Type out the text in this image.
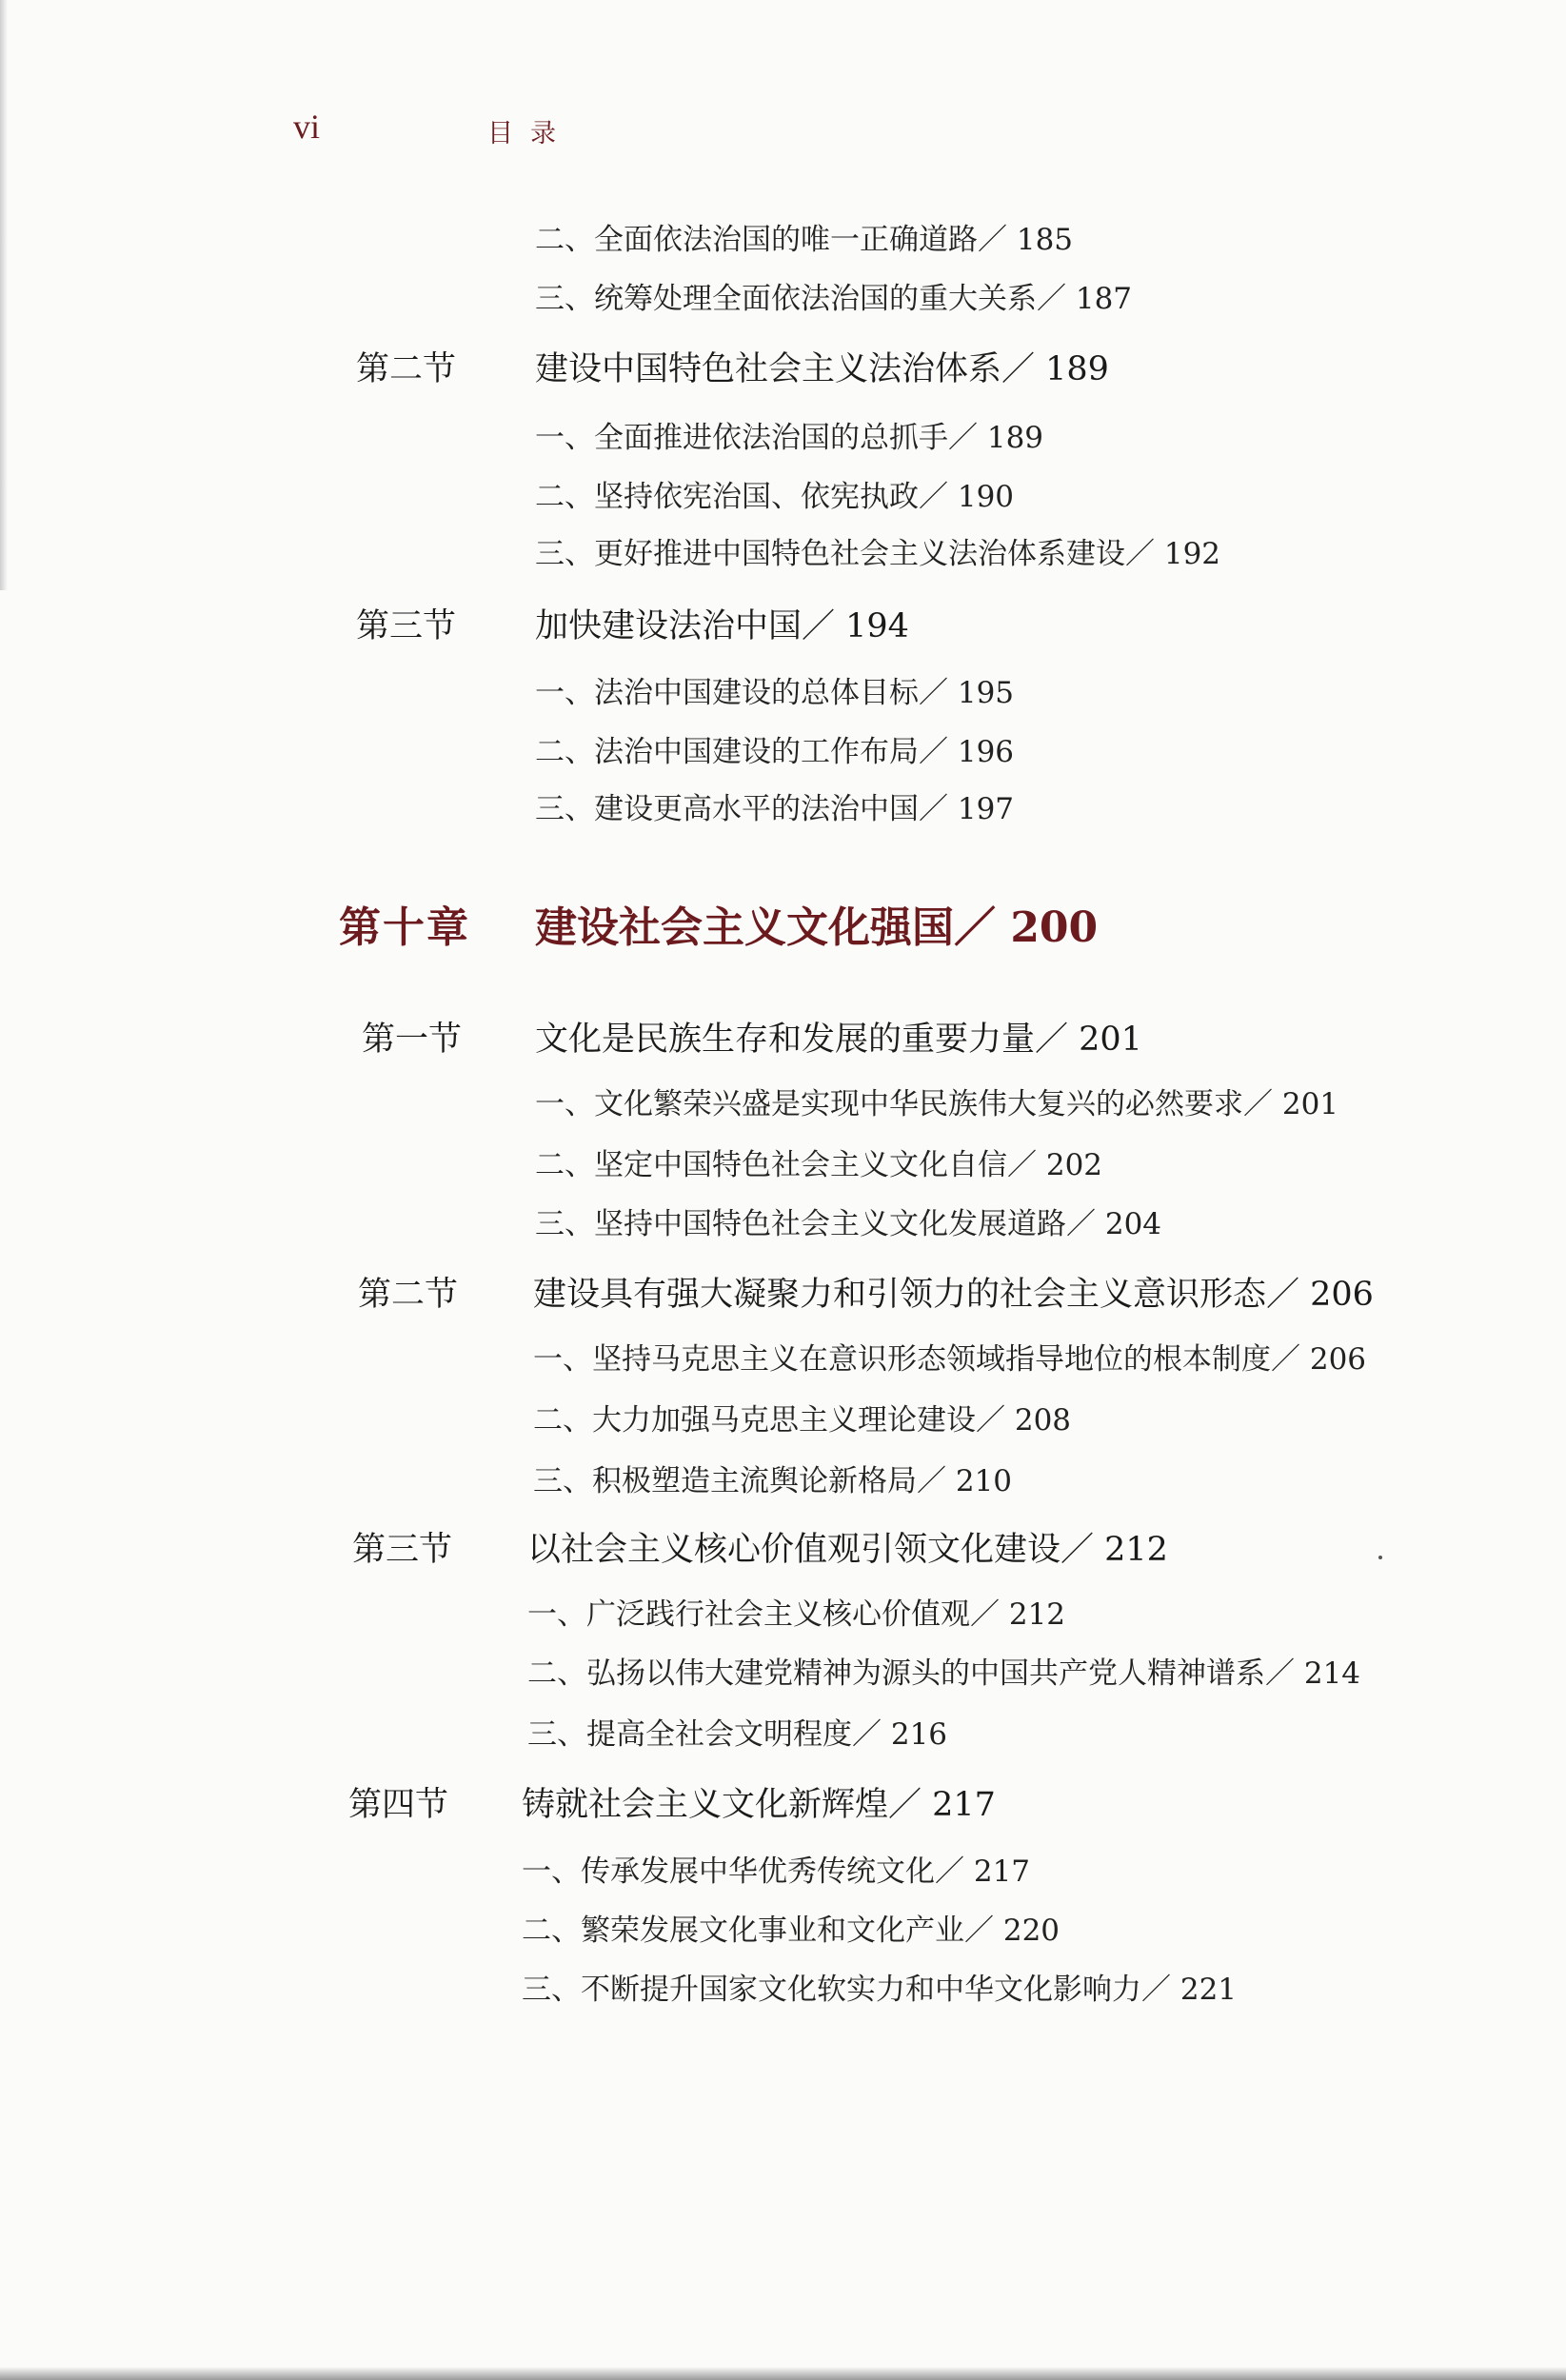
vi	目录
二、全面依法治国的唯一正确道路／ 185
三、统筹处理全面依法治国的重大关系／ 187
第二节 建设中国特色社会主义法治体系／ 189
一、全面推进依法治国的总抓手／ 189
二、坚持依宪治国、依宪执政／ 190
三、更好推进中国特色社会主义法治体系建设／ 192
第三节 加快建设法治中国／ 194
一、法治中国建设的总体目标／ 195
二、法治中国建设的工作布局／ 196
三、建设更高水平的法治中国／ 197
第十章 建设社会主义文化强国／ 200
第一节 文化是民族生存和发展的重要力量／ 201
一、文化繁荣兴盛是实现中华民族伟大复兴的必然要求／ 201
二、坚定中国特色社会主义文化自信／ 202
三、坚持中国特色社会主义文化发展道路／ 204
第二节 建设具有强大凝聚力和引领力的社会主义意识形态／ 206
一、坚持马克思主义在意识形态领域指导地位的根本制度／ 206
二、大力加强马克思主义理论建设／ 208
三、积极塑造主流舆论新格局／ 210
第三节 以社会主义核心价值观引领文化建设／ 212
一、广泛践行社会主义核心价值观／ 212
二、弘扬以伟大建党精神为源头的中国共产党人精神谱系／ 214
三、提高全社会文明程度／ 216
第四节 铸就社会主义文化新辉煌／ 217
一、传承发展中华优秀传统文化／ 217
二、繁荣发展文化事业和文化产业／ 220
三、不断提升国家文化软实力和中华文化影响力／ 221
